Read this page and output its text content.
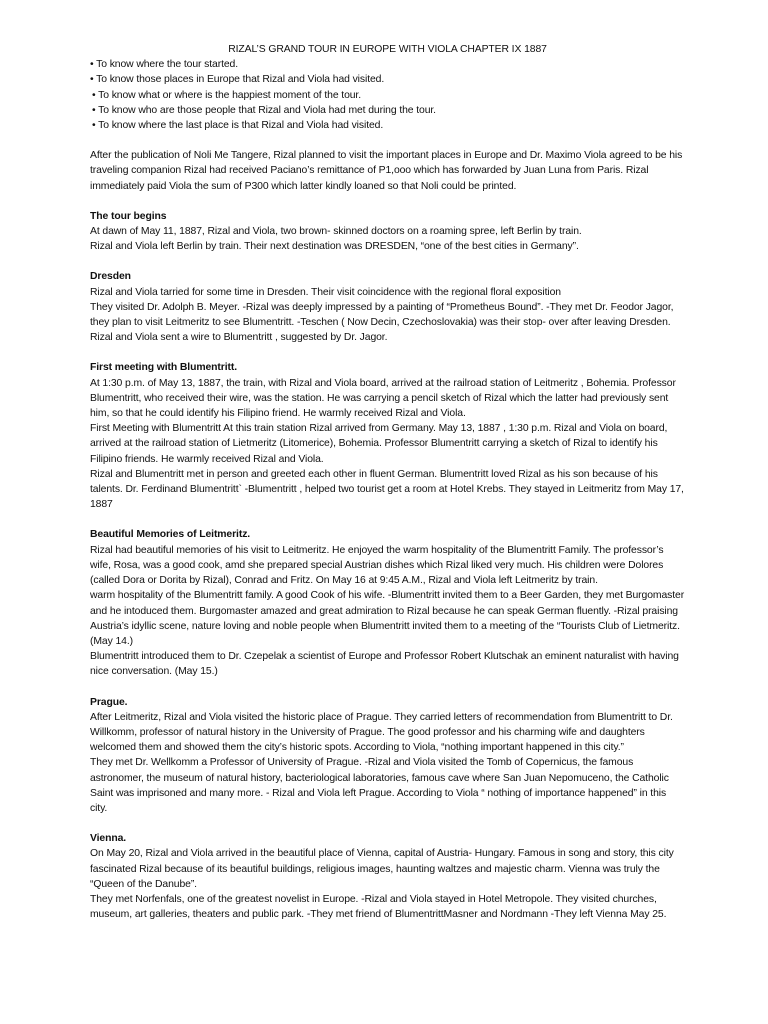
RIZAL’S GRAND TOUR IN EUROPE WITH VIOLA CHAPTER IX 1887

• To know where the tour started.
• To know those places in Europe that Rizal and Viola had visited.
• To know what or where is the happiest moment of the tour.
• To know who are those people that Rizal and Viola had met during the tour.
• To know where the last place is that Rizal and Viola had visited.

After the publication of Noli Me Tangere, Rizal planned to visit the important places in Europe and Dr. Maximo Viola agreed to be his traveling companion Rizal had received Paciano’s remittance of P1,ooo which has forwarded by Juan Luna from Paris. Rizal immediately paid Viola the sum of P300 which latter kindly loaned so that Noli could be printed.

The tour begins

At dawn of May 11, 1887, Rizal and Viola, two brown- skinned doctors on a roaming spree, left Berlin by train.

Rizal and Viola left Berlin by train. Their next destination was DRESDEN, “one of the best cities in Germany”.

Dresden

Rizal and Viola tarried for some time in Dresden. Their visit coincidence with the regional floral exposition

They visited Dr. Adolph B. Meyer. -Rizal was deeply impressed by a painting of “Prometheus Bound”. -They met Dr. Feodor Jagor, they plan to visit Leitmeritz to see Blumentritt. -Teschen ( Now Decin, Czechoslovakia) was their stop- over after leaving Dresden. Rizal and Viola sent a wire to Blumentritt , suggested by Dr. Jagor.

First meeting with Blumentritt.

At 1:30 p.m. of May 13, 1887, the train, with Rizal and Viola board, arrived at the railroad station of Leitmeritz , Bohemia. Professor Blumentritt, who received their wire, was the station. He was carrying a pencil sketch of Rizal which the latter had previously sent him, so that he could identify his Filipino friend. He warmly received Rizal and Viola.

First Meeting with Blumentritt At this train station Rizal arrived from Germany. May 13, 1887 , 1:30 p.m. Rizal and Viola on board, arrived at the railroad station of Lietmeritz (Litomerice), Bohemia. Professor Blumentritt carrying a sketch of Rizal to identify his Filipino friends. He warmly received Rizal and Viola.

Rizal and Blumentritt met in person and greeted each other in fluent German. Blumentritt loved Rizal as his son because of his talents. Dr. Ferdinand Blumentritt` -Blumentritt , helped two tourist get a room at Hotel Krebs. They stayed in Leitmeritz from May 17, 1887

Beautiful Memories of Leitmeritz.

Rizal had beautiful memories of his visit to Leitmeritz. He enjoyed the warm hospitality of the Blumentritt Family. The professor’s wife, Rosa, was a good cook, amd she prepared special Austrian dishes which Rizal liked very much. His children were Dolores (called Dora or Dorita by Rizal), Conrad and Fritz. On May 16 at 9:45 A.M., Rizal and Viola left Leitmeritz by train.

warm hospitality of the Blumentritt family. A good Cook of his wife. -Blumentritt invited them to a Beer Garden, they met Burgomaster and he intoduced them. Burgomaster amazed and great admiration to Rizal because he can speak German fluently. -Rizal praising Austria’s idyllic scene, nature loving and noble people when Blumentritt invited them to a meeting of the “Tourists Club of Lietmeritz. (May 14.)

Blumentritt introduced them to Dr. Czepelak a scientist of Europe and Professor Robert Klutschak an eminent naturalist with having nice conversation. (May 15.)

Prague.

After Leitmeritz, Rizal and Viola visited the historic place of Prague. They carried letters of recommendation from Blumentritt to Dr. Willkomm, professor of natural history in the University of Prague. The good professor and his charming wife and daughters welcomed them and showed them the city’s historic spots. According to Viola, “nothing important happened in this city.”

They met Dr. Wellkomm a Professor of University of Prague. -Rizal and Viola visited the Tomb of Copernicus, the famous astronomer, the museum of natural history, bacteriological laboratories, famous cave where San Juan Nepomuceno, the Catholic Saint was imprisoned and many more. - Rizal and Viola left Prague. According to Viola “ nothing of importance happened” in this city.

Vienna.

On May 20, Rizal and Viola arrived in the beautiful place of Vienna, capital of Austria- Hungary. Famous in song and story, this city fascinated Rizal because of its beautiful buildings, religious images, haunting waltzes and majestic charm. Vienna was truly the “Queen of the Danube”.

They met Norfenfals, one of the greatest novelist in Europe. -Rizal and Viola stayed in Hotel Metropole. They visited churches, museum, art galleries, theaters and public park. -They met friend of BlumentrittMasner and Nordmann -They left Vienna May 25.
